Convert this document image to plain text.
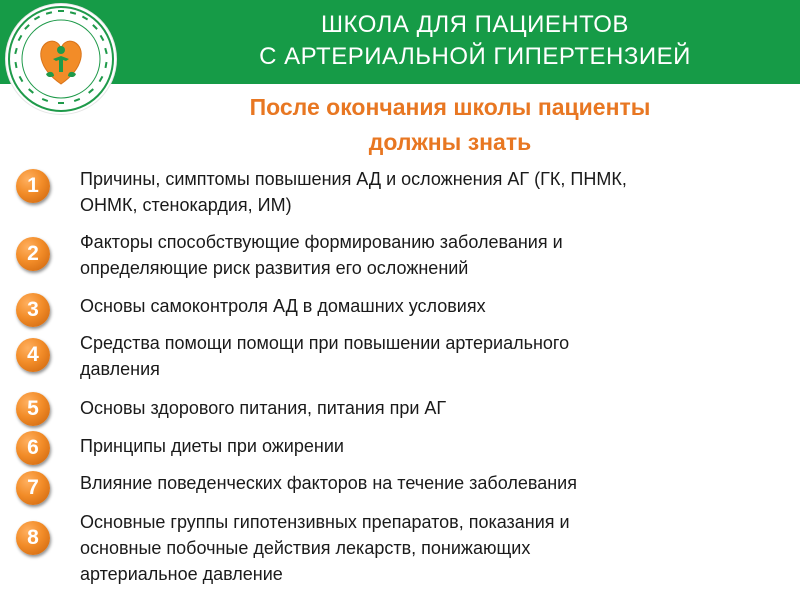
ШКОЛА ДЛЯ ПАЦИЕНТОВ
С АРТЕРИАЛЬНОЙ ГИПЕРТЕНЗИЕЙ
После окончания школы пациенты
должны знать
1	Причины, симптомы повышения АД и осложнения АГ (ГК, ПНМК,
ОНМК, стенокардия, ИМ)
2	Факторы способствующие формированию заболевания и
определяющие риск развития его осложнений
3	Основы самоконтроля АД в домашних условиях
4	Средства помощи помощи при повышении артериального
давления
5	Основы здорового питания, питания при АГ
6	Принципы диеты при ожирении
7	Влияние поведенческих факторов на течение заболевания
8
Основные группы гипотензивных препаратов, показания и
основные побочные действия лекарств, понижающих
артериальное давление
